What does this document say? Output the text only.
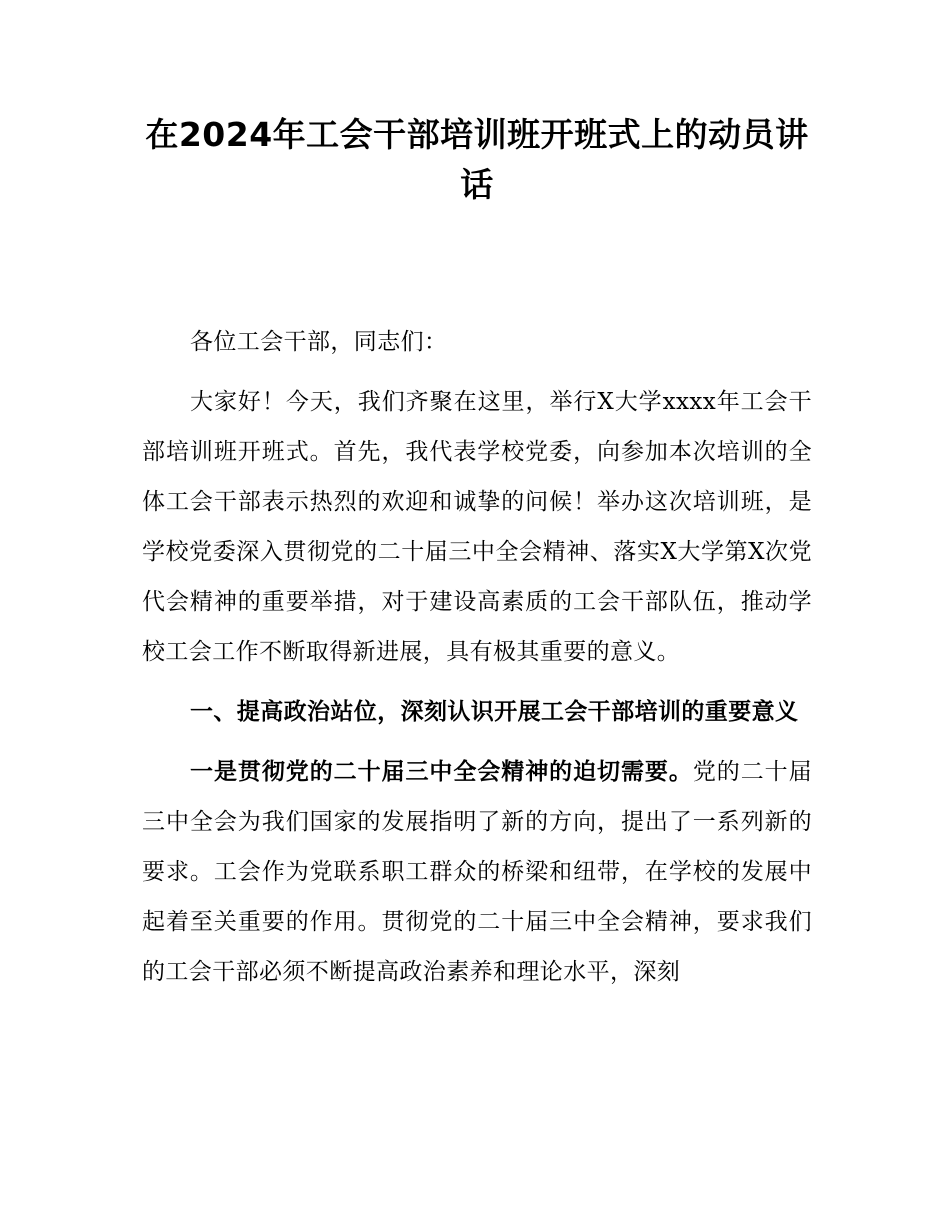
在2024年工会干部培训班开班式上的动员讲话

各位工会干部，同志们：

大家好！今天，我们齐聚在这里，举行X大学xxxx年工会干部培训班开班式。首先，我代表学校党委，向参加本次培训的全体工会干部表示热烈的欢迎和诚挚的问候！举办这次培训班，是学校党委深入贯彻党的二十届三中全会精神、落实X大学第X次党代会精神的重要举措，对于建设高素质的工会干部队伍，推动学校工会工作不断取得新进展，具有极其重要的意义。

一、提高政治站位，深刻认识开展工会干部培训的重要意义

一是贯彻党的二十届三中全会精神的迫切需要。党的二十届三中全会为我们国家的发展指明了新的方向，提出了一系列新的要求。工会作为党联系职工群众的桥梁和纽带，在学校的发展中起着至关重要的作用。贯彻党的二十届三中全会精神，要求我们的工会干部必须不断提高政治素养和理论水平，深刻
